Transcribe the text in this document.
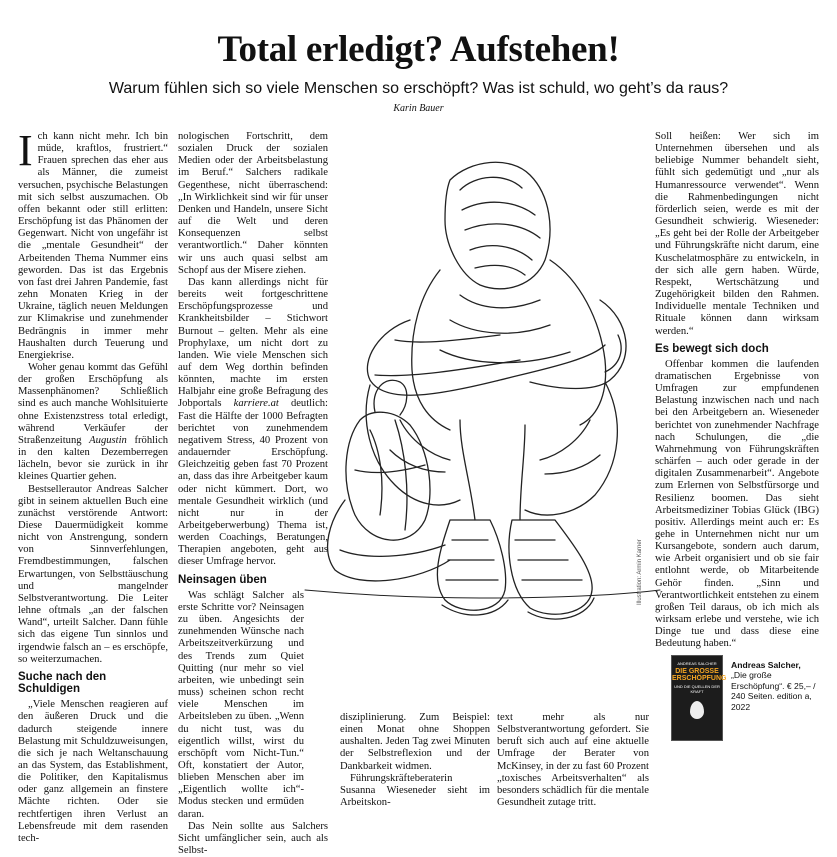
Total erledigt? Aufstehen!

Warum fühlen sich so viele Menschen so erschöpft? Was ist schuld, wo geht’s da raus?

Karin Bauer

Ich kann nicht mehr. Ich bin müde, kraftlos, frustriert.“ Frauen sprechen das eher aus als Männer, die zumeist versuchen, psychische Belastungen mit sich selbst auszumachen. Ob offen bekannt oder still erlitten: Erschöpfung ist das Phänomen der Gegenwart. Nicht von ungefähr ist die „mentale Gesundheit“ der Arbeitenden Thema Nummer eins geworden. Das ist das Ergebnis von fast drei Jahren Pandemie, fast zehn Monaten Krieg in der Ukraine, täglich neuen Meldungen zur Klimakrise und zunehmender Bedrängnis in immer mehr Haushalten durch Teuerung und Energiekrise.

Woher genau kommt das Gefühl der großen Erschöpfung als Massenphänomen? Schließlich sind es auch manche Wohlsituierte ohne Existenzstress total erledigt, während Verkäufer der Straßenzeitung Augustin fröhlich in den kalten Dezemberregen lächeln, bevor sie zurück in ihr kleines Quartier gehen.

Bestsellerautor Andreas Salcher gibt in seinem aktuellen Buch eine zunächst verstörende Antwort: Diese Dauermüdigkeit komme nicht von Anstrengung, sondern von Sinnverfehlungen, Fremdbestimmungen, falschen Erwartungen, von Selbsttäuschung und mangelnder Selbstverantwortung. Die Leiter lehne oftmals „an der falschen Wand“, urteilt Salcher. Dann fühle sich das eigene Tun sinnlos und irgendwie falsch an – es erschöpfe, so weiterzumachen.

Suche nach den Schuldigen

„Viele Menschen reagieren auf den äußeren Druck und die dadurch steigende innere Belastung mit Schuldzuweisungen, die sich je nach Weltanschauung an das System, das Establishment, die Politiker, den Kapitalismus oder ganz allgemein an finstere Mächte richten. Oder sie rechtfertigen ihren Verlust an Lebensfreude mit dem rasenden tech-

nologischen Fortschritt, dem sozialen Druck der sozialen Medien oder der Arbeitsbelastung im Beruf.“ Salchers radikale Gegenthese, nicht überraschend: „In Wirklichkeit sind wir für unser Denken und Handeln, unsere Sicht auf die Welt und deren Konsequenzen selbst verantwortlich.“ Daher könnten wir uns auch quasi selbst am Schopf aus der Misere ziehen.

Das kann allerdings nicht für bereits weit fortgeschrittene Erschöpfungsprozesse und Krankheitsbilder – Stichwort Burnout – gelten. Mehr als eine Prophylaxe, um nicht dort zu landen. Wie viele Menschen sich auf dem Weg dorthin befinden könnten, machte im ersten Halbjahr eine große Befragung des Jobportals karriere.at deutlich: Fast die Hälfte der 1000 Befragten berichtet von zunehmendem negativem Stress, 40 Prozent von andauernder Erschöpfung. Gleichzeitig geben fast 70 Prozent an, dass das ihre Arbeitgeber kaum oder nicht kümmert. Dort, wo mentale Gesundheit wirklich (und nicht nur in der Arbeitgeberwerbung) Thema ist, werden Coachings, Beratungen, Therapien angeboten, geht aus dieser Umfrage hervor.

Neinsagen üben

Was schlägt Salcher als erste Schritte vor? Neinsagen zu üben. Angesichts der zunehmenden Wünsche nach Arbeitszeitverkürzung und des Trends zum Quiet Quitting (nur mehr so viel arbeiten, wie unbedingt sein muss) scheinen schon recht viele Menschen im Arbeitsleben zu üben. „Wenn du nicht tust, was du eigentlich willst, wirst du erschöpft vom Nicht-Tun.“ Oft, konstatiert der Autor, blieben Menschen aber im „Eigentlich wollte ich“-Modus stecken und ermüden daran.

Das Nein sollte aus Salchers Sicht umfänglicher sein, auch als Selbst-

disziplinierung. Zum Beispiel: einen Monat ohne Shoppen aushalten. Jeden Tag zwei Minuten der Selbstreflexion und der Dankbarkeit widmen.

Führungskräfteberaterin Susanna Wieseneder sieht im Arbeitskon-

text mehr als nur Selbstverantwortung gefordert. Sie beruft sich auch auf eine aktuelle Umfrage der Berater von McKinsey, in der zu fast 60 Prozent „toxisches Arbeitsverhalten“ als besonders schädlich für die mentale Gesundheit zutage tritt.

Soll heißen: Wer sich im Unternehmen übersehen und als beliebige Nummer behandelt sieht, fühlt sich gedemütigt und „nur als Humanressource verwendet“. Wenn die Rahmenbedingungen nicht förderlich seien, werde es mit der Gesundheit schwierig. Wieseneder: „Es geht bei der Rolle der Arbeitgeber und Führungskräfte nicht darum, eine Kuschelatmosphäre zu entwickeln, in der sich alle gern haben. Würde, Respekt, Wertschätzung und Zugehörigkeit bilden den Rahmen. Individuelle mentale Techniken und Rituale können dann wirksam werden.“

Es bewegt sich doch

Offenbar kommen die laufenden dramatischen Ergebnisse von Umfragen zur empfundenen Belastung inzwischen nach und nach bei den Arbeitgebern an. Wieseneder berichtet von zunehmender Nachfrage nach Schulungen, die „die Wahrnehmung von Führungskräften schärfen – auch oder gerade in der digitalen Zusammenarbeit“. Angebote zum Erlernen von Selbstfürsorge und Resilienz boomen. Das sieht Arbeitsmediziner Tobias Glück (IBG) positiv. Allerdings meint auch er: Es gehe in Unternehmen nicht nur um Kursangebote, sondern auch darum, wie Arbeit organisiert und ob sie fair entlohnt werde, ob Mitarbeitende Gehör finden. „Sinn und Verantwortlichkeit entstehen zu einem großen Teil daraus, ob ich mich als wirksam erlebe und verstehe, wie ich Dinge tue und dass diese eine Bedeutung haben.“

Illustration: Armin Karner
ANDREAS SALCHER
DIE GROSSE ERSCHÖPFUNG
UND DIE QUELLEN DER KRAFT
Andreas Salcher,
„Die große Erschöpfung“. € 25,– / 240 Seiten. edition a, 2022
